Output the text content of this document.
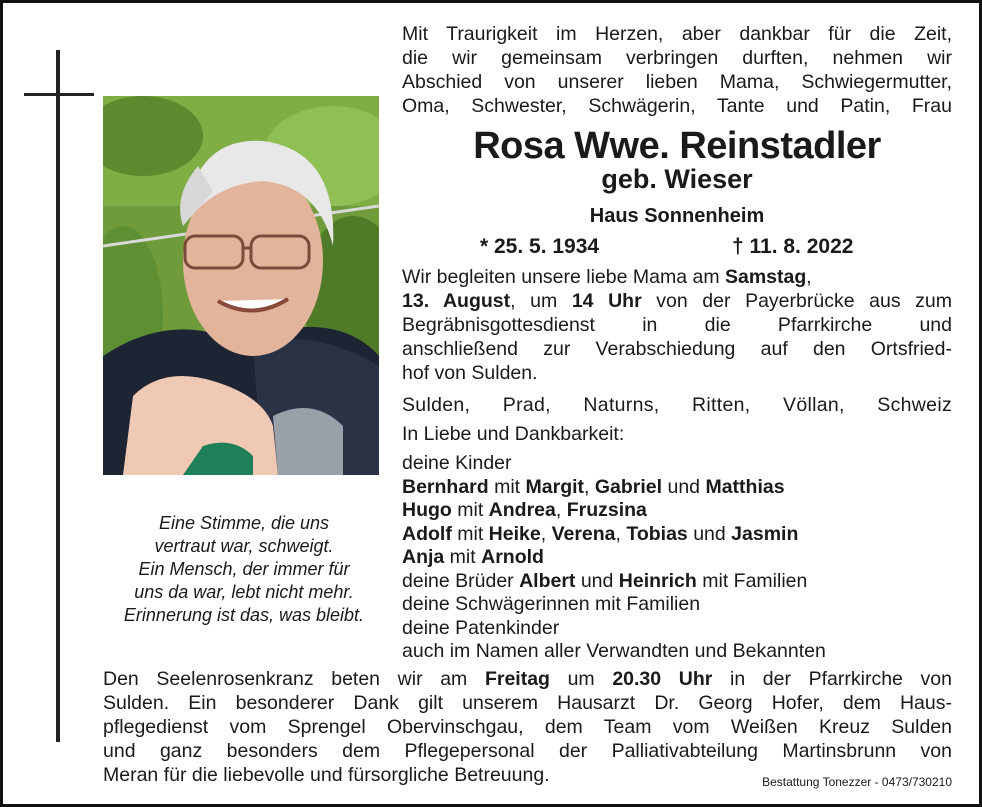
Eine Stimme, die uns
vertraut war, schweigt.
Ein Mensch, der immer für
uns da war, lebt nicht mehr.
Erinnerung ist das, was bleibt.
Mit Traurigkeit im Herzen, aber dankbar für die Zeit,
die wir gemeinsam verbringen durften, nehmen wir
Abschied von unserer lieben Mama, Schwiegermutter,
Oma, Schwester, Schwägerin, Tante und Patin, Frau
Rosa Wwe. Reinstadler
geb. Wieser
Haus Sonnenheim
* 25. 5. 1934	† 11. 8. 2022
Wir begleiten unsere liebe Mama am Samstag,
13. August, um 14 Uhr von der Payerbrücke aus zum
Begräbnisgottesdienst in die Pfarrkirche und
anschließend zur Verabschiedung auf den Ortsfried-
hof von Sulden.
Sulden, Prad, Naturns, Ritten, Völlan, Schweiz
In Liebe und Dankbarkeit:
deine Kinder
Bernhard mit Margit, Gabriel und Matthias
Hugo mit Andrea, Fruzsina
Adolf mit Heike, Verena, Tobias und Jasmin
Anja mit Arnold
deine Brüder Albert und Heinrich mit Familien
deine Schwägerinnen mit Familien
deine Patenkinder
auch im Namen aller Verwandten und Bekannten
Den Seelenrosenkranz beten wir am Freitag um 20.30 Uhr in der Pfarrkirche von
Sulden. Ein besonderer Dank gilt unserem Hausarzt Dr. Georg Hofer, dem Haus-
pflegedienst vom Sprengel Obervinschgau, dem Team vom Weißen Kreuz Sulden
und ganz besonders dem Pflegepersonal der Palliativabteilung Martinsbrunn von
Meran für die liebevolle und fürsorgliche Betreuung.	Bestattung Tonezzer - 0473/730210
